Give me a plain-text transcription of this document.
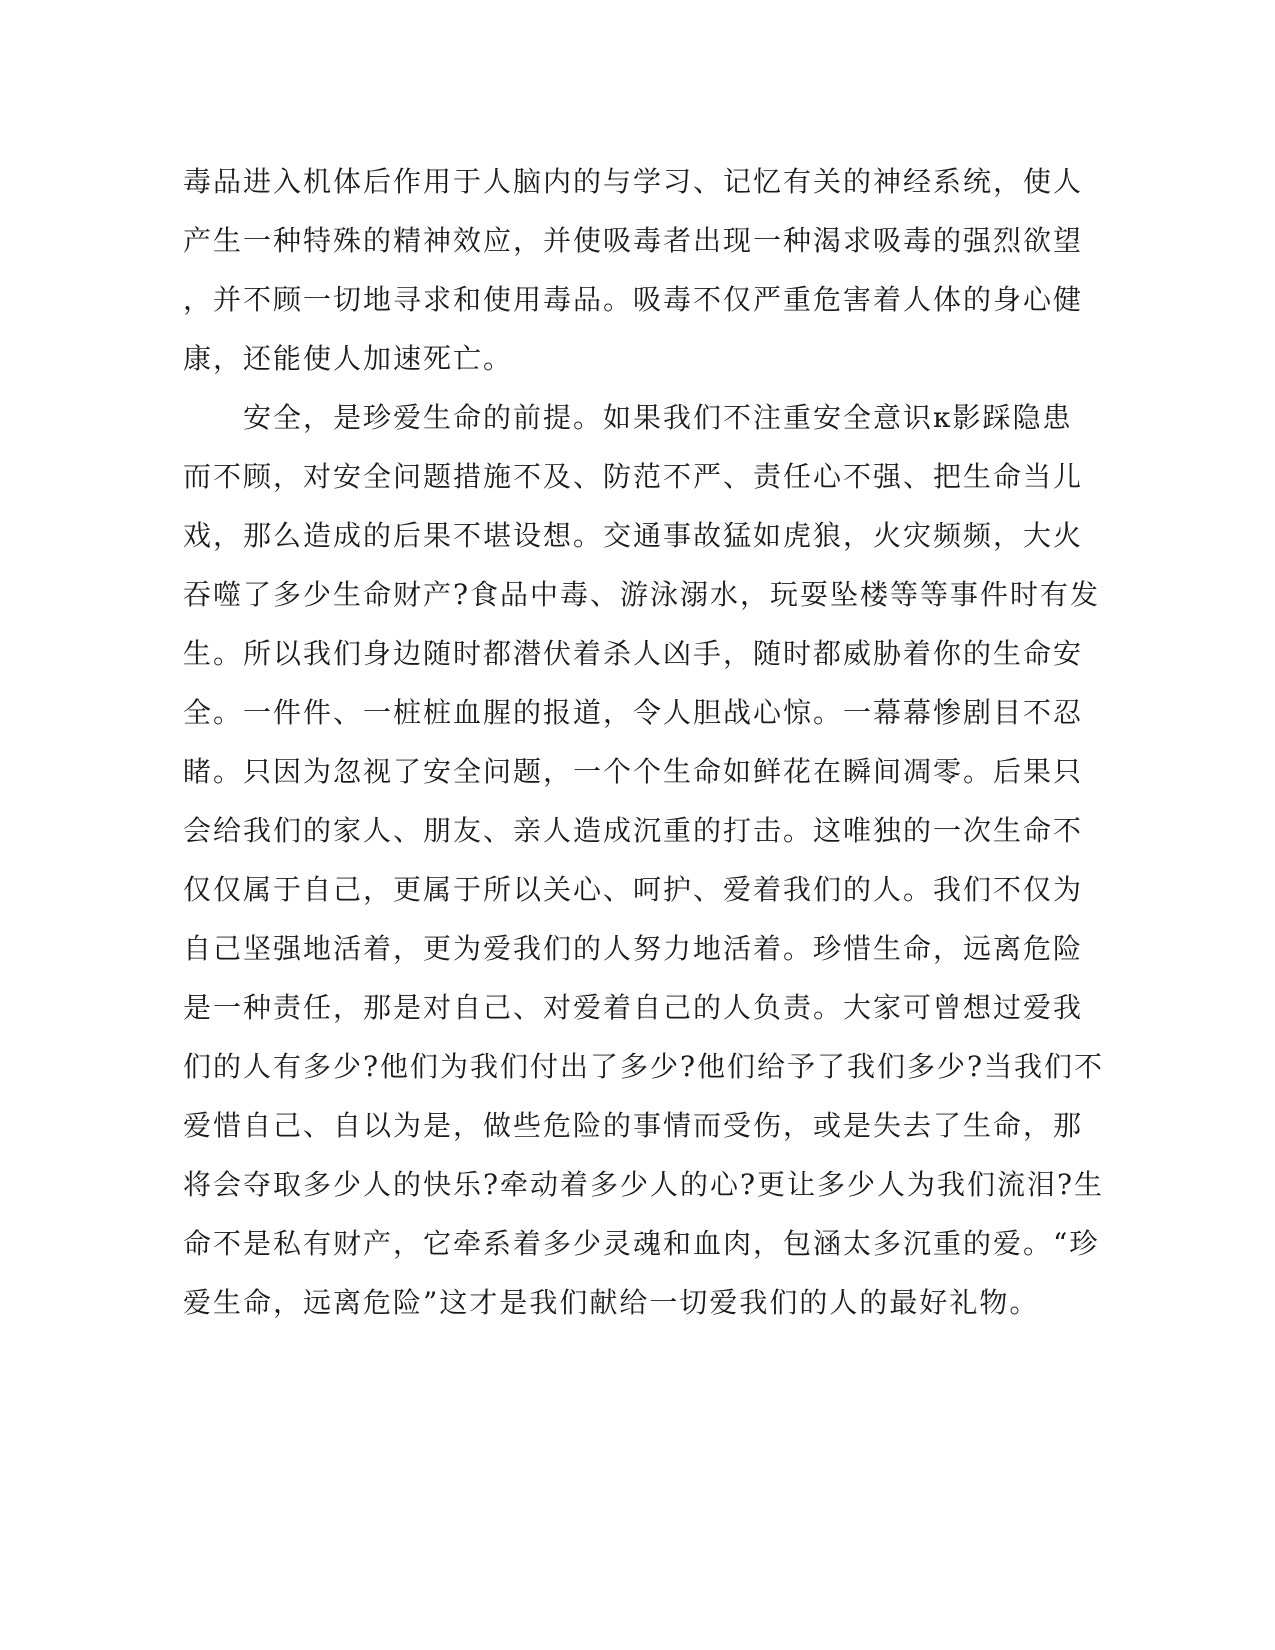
毒品进入机体后作用于人脑内的与学习、记忆有关的神经系统，使人
产生一种特殊的精神效应，并使吸毒者出现一种渴求吸毒的强烈欲望
，并不顾一切地寻求和使用毒品。吸毒不仅严重危害着人体的身心健
康，还能使人加速死亡。
　　安全，是珍爱生命的前提。如果我们不注重安全意识κ影踩隐患
而不顾，对安全问题措施不及、防范不严、责任心不强、把生命当儿
戏，那么造成的后果不堪设想。交通事故猛如虎狼，火灾频频，大火
吞噬了多少生命财产?食品中毒、游泳溺水，玩耍坠楼等等事件时有发
生。所以我们身边随时都潜伏着杀人凶手，随时都威胁着你的生命安
全。一件件、一桩桩血腥的报道，令人胆战心惊。一幕幕惨剧目不忍
睹。只因为忽视了安全问题，一个个生命如鲜花在瞬间凋零。后果只
会给我们的家人、朋友、亲人造成沉重的打击。这唯独的一次生命不
仅仅属于自己，更属于所以关心、呵护、爱着我们的人。我们不仅为
自己坚强地活着，更为爱我们的人努力地活着。珍惜生命，远离危险
是一种责任，那是对自己、对爱着自己的人负责。大家可曾想过爱我
们的人有多少?他们为我们付出了多少?他们给予了我们多少?当我们不
爱惜自己、自以为是，做些危险的事情而受伤，或是失去了生命，那
将会夺取多少人的快乐?牵动着多少人的心?更让多少人为我们流泪?生
命不是私有财产，它牵系着多少灵魂和血肉，包涵太多沉重的爱。“珍
爱生命，远离危险”这才是我们献给一切爱我们的人的最好礼物。
